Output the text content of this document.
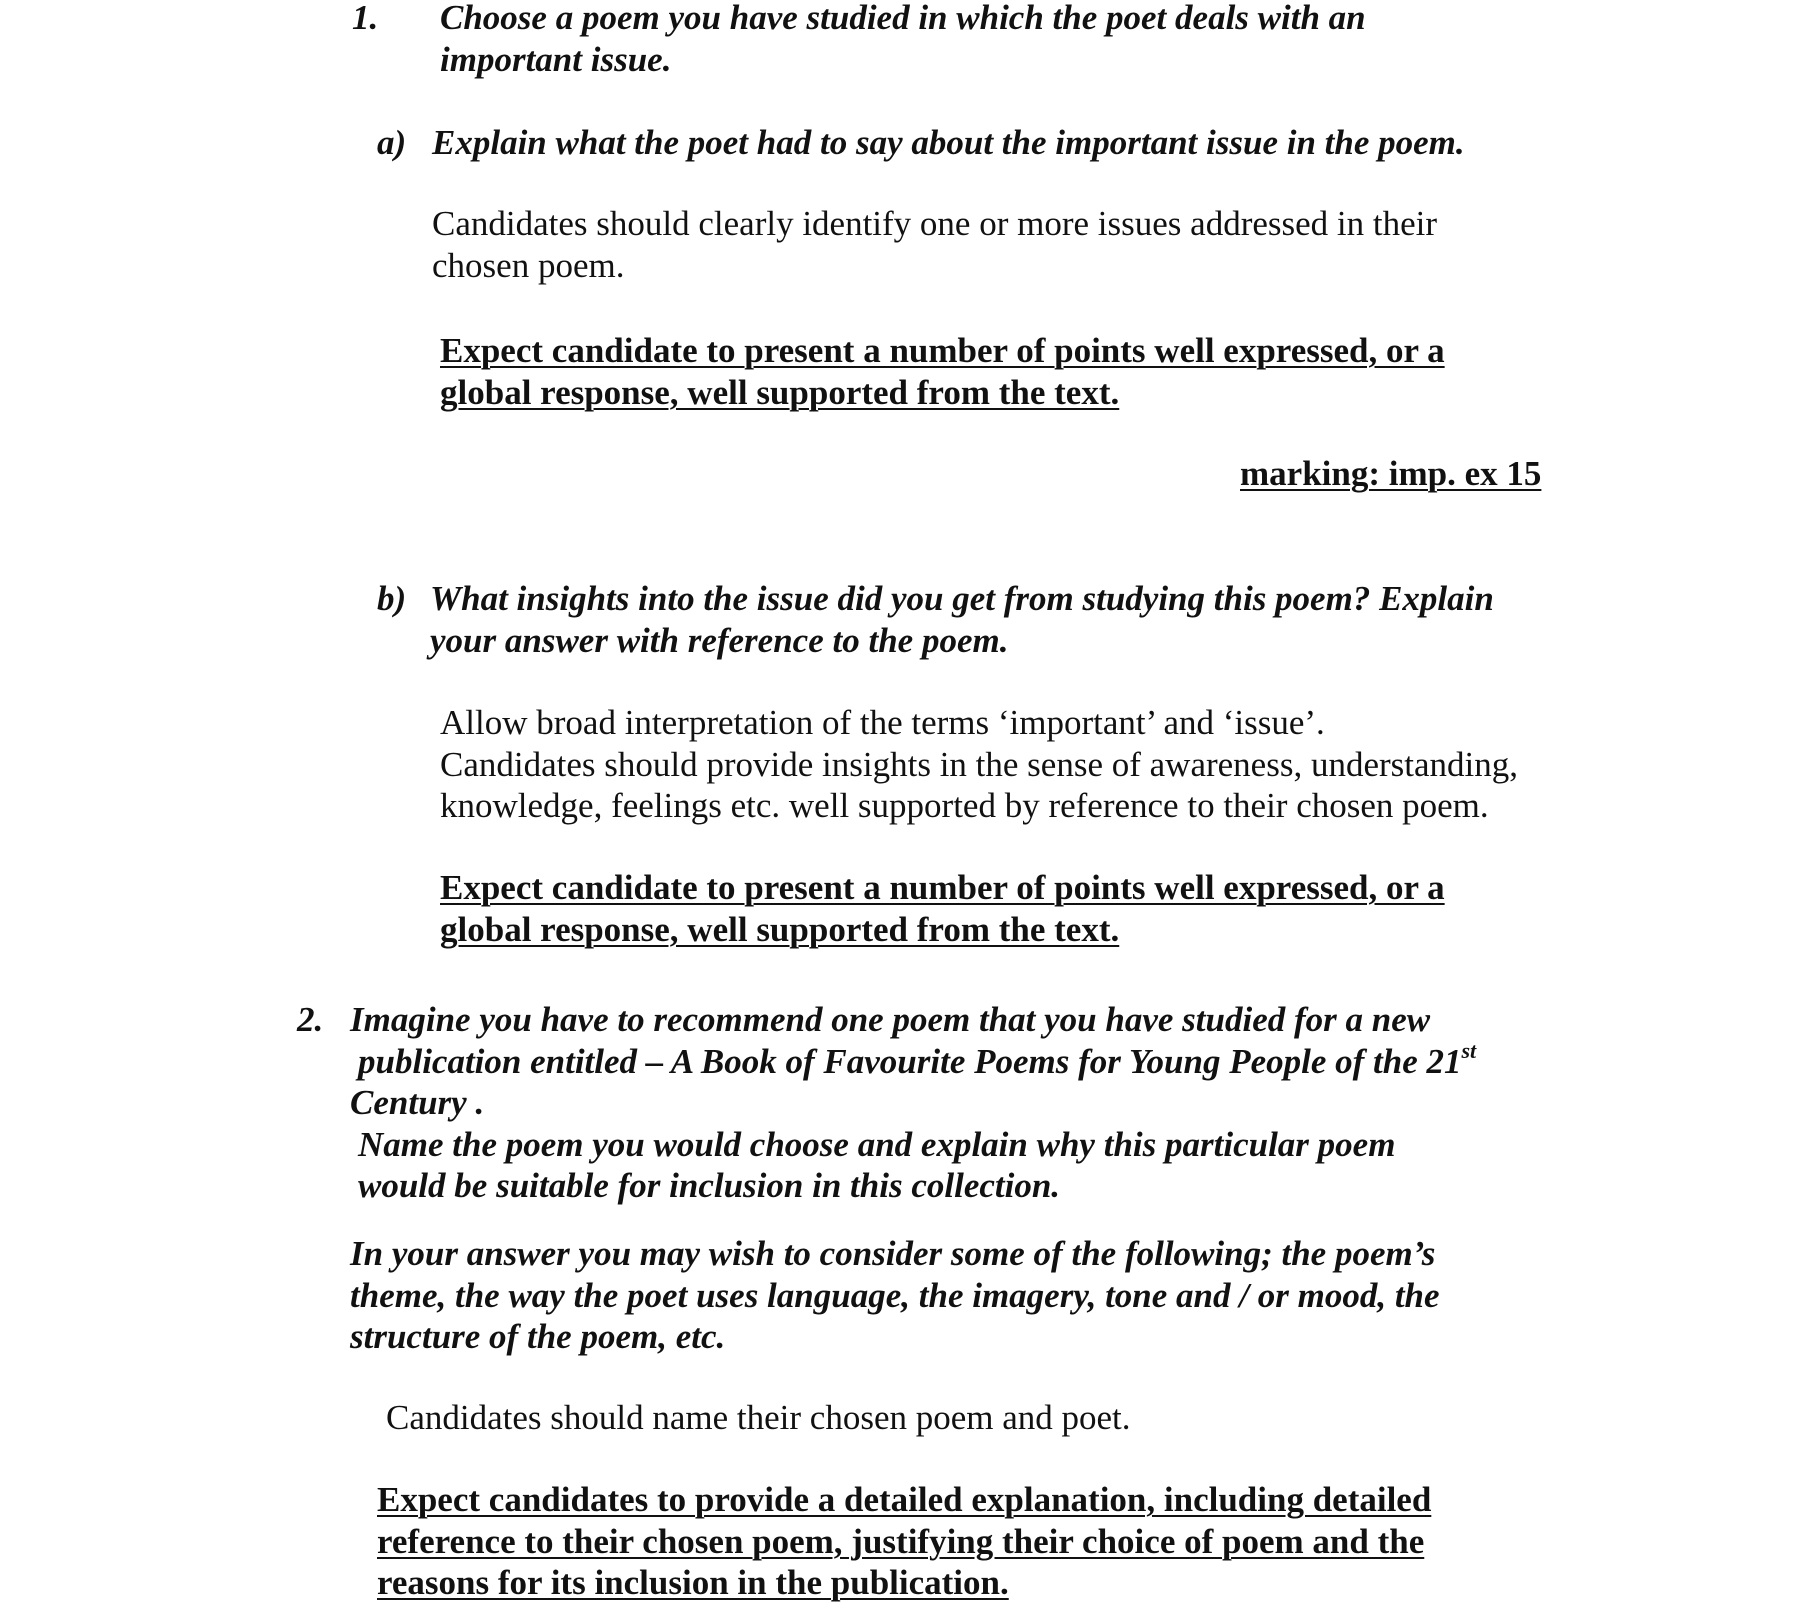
1. Choose a poem you have studied in which the poet deals with an
important issue.
a) Explain what the poet had to say about the important issue in the poem.
Candidates should clearly identify one or more issues addressed in their
chosen poem.
Expect candidate to present a number of points well expressed, or a
global response, well supported from the text.
marking: imp. ex 15
b) What insights into the issue did you get from studying this poem? Explain
your answer with reference to the poem.
Allow broad interpretation of the terms ‘important’ and ‘issue’.
Candidates should provide insights in the sense of awareness, understanding,
knowledge, feelings etc. well supported by reference to their chosen poem.
Expect candidate to present a number of points well expressed, or a
global response, well supported from the text.
2. Imagine you have to recommend one poem that you have studied for a new
publication entitled – A Book of Favourite Poems for Young People of the 21st
Century .
Name the poem you would choose and explain why this particular poem
would be suitable for inclusion in this collection.
In your answer you may wish to consider some of the following; the poem’s
theme, the way the poet uses language, the imagery, tone and / or mood, the
structure of the poem, etc.
Candidates should name their chosen poem and poet.
Expect candidates to provide a detailed explanation, including detailed
reference to their chosen poem, justifying their choice of poem and the
reasons for its inclusion in the publication.
